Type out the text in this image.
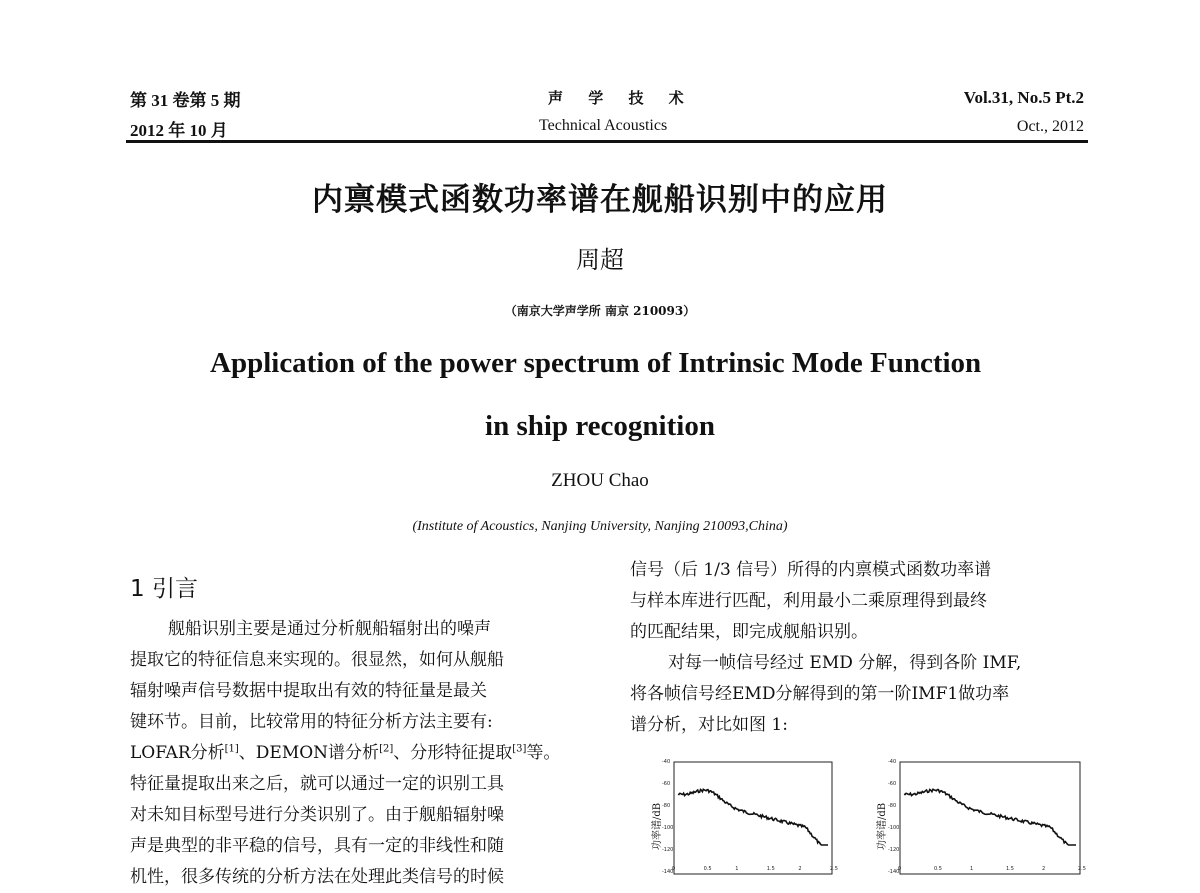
第 31 卷第 5 期
2012 年 10 月
声 学 技 术
Technical Acoustics
Vol.31, No.5 Pt.2
Oct., 2012
内禀模式函数功率谱在舰船识别中的应用
周超
（南京大学声学所 南京 210093）
Application of the power spectrum of Intrinsic Mode Function
in ship recognition
ZHOU Chao
(Institute of Acoustics, Nanjing University, Nanjing 210093,China)
1 引言

舰船识别主要是通过分析舰船辐射出的噪声

提取它的特征信息来实现的。很显然，如何从舰船

辐射噪声信号数据中提取出有效的特征量是最关

键环节。目前，比较常用的特征分析方法主要有:

LOFAR分析[1]、DEMON谱分析[2]、分形特征提取[3]等。

特征量提取出来之后，就可以通过一定的识别工具

对未知目标型号进行分类识别了。由于舰船辐射噪

声是典型的非平稳的信号，具有一定的非线性和随

机性，很多传统的分析方法在处理此类信号的时候

信号（后 1/3 信号）所得的内禀模式函数功率谱

与样本库进行匹配，利用最小二乘原理得到最终

的匹配结果，即完成舰船识别。

对每一帧信号经过 EMD 分解，得到各阶 IMF,

将各帧信号经EMD分解得到的第一阶IMF1做功率

谱分析，对比如图 1:

功率谱/dB	功率谱/dB
-40
-60
-80
-100
-120
-140
0	0.5	1	1.5	2	2.5
-40
-60
-80
-100
-120
-140
0	0.5	1	1.5	2	2.5
